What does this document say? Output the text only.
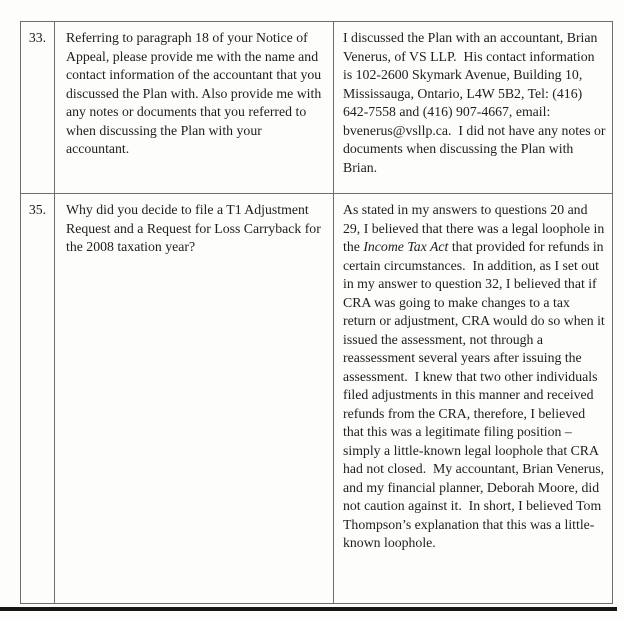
33.	Referring to paragraph 18 of your Notice of Appeal, please provide me with the name and contact information of the accountant that you discussed the Plan with. Also provide me with any notes or documents that you referred to when discussing the Plan with your accountant.
I discussed the Plan with an accountant, Brian Venerus, of VS LLP.  His contact information is 102-2600 Skymark Avenue, Building 10, Mississauga, Ontario, L4W 5B2, Tel: (416) 642-7558 and (416) 907-4667, email: bvenerus@vsllp.ca.  I did not have any notes or documents when discussing the Plan with Brian.
35.	Why did you decide to file a T1 Adjustment Request and a Request for Loss Carryback for the 2008 taxation year?
As stated in my answers to questions 20 and 29, I believed that there was a legal loophole in the Income Tax Act that provided for refunds in certain circumstances.  In addition, as I set out in my answer to question 32, I believed that if CRA was going to make changes to a tax return or adjustment, CRA would do so when it issued the assessment, not through a reassessment several years after issuing the assessment.  I knew that two other individuals filed adjustments in this manner and received refunds from the CRA, therefore, I believed that this was a legitimate filing position – simply a little-known legal loophole that CRA had not closed.  My accountant, Brian Venerus, and my financial planner, Deborah Moore, did not caution against it.  In short, I believed Tom Thompson’s explanation that this was a little-known loophole.
